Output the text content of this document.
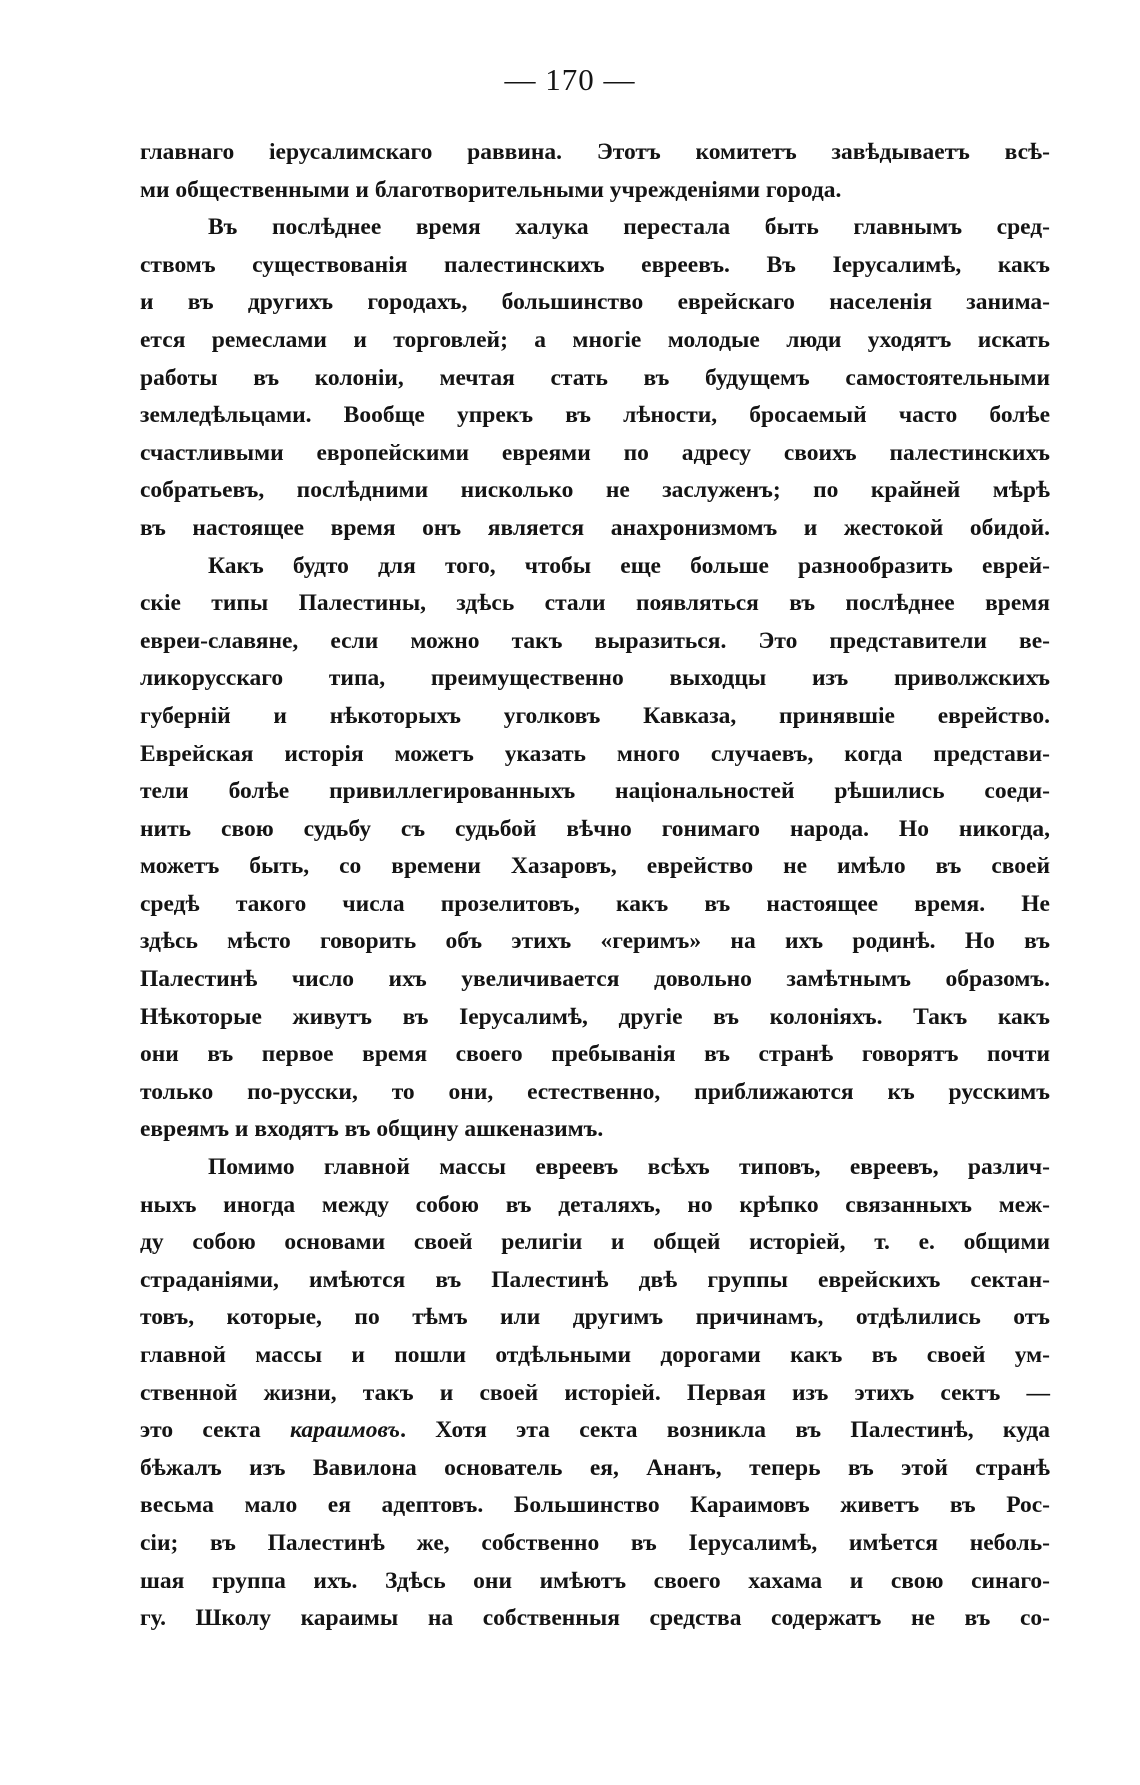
— 170 —
главнаго іерусалимскаго раввина. Этотъ комитетъ завѣдываетъ всѣ-
ми общественными и благотворительными учрежденіями города.
Въ послѣднее время халука перестала быть главнымъ сред-
ствомъ существованія палестинскихъ евреевъ. Въ Іерусалимѣ, какъ
и въ другихъ городахъ, большинство еврейскаго населенія занима-
ется ремеслами и торговлей; а многіе молодые люди уходятъ искать
работы въ колоніи, мечтая стать въ будущемъ самостоятельными
земледѣльцами. Вообще упрекъ въ лѣности, бросаемый часто болѣе
счастливыми европейскими евреями по адресу своихъ палестинскихъ
собратьевъ, послѣдними нисколько не заслуженъ; по крайней мѣрѣ
въ настоящее время онъ является анахронизмомъ и жестокой обидой.
Какъ будто для того, чтобы еще больше разнообразить еврей-
скіе типы Палестины, здѣсь стали появляться въ послѣднее время
евреи-славяне, если можно такъ выразиться. Это представители ве-
ликорусскаго типа, преимущественно выходцы изъ приволжскихъ
губерній и нѣкоторыхъ уголковъ Кавказа, принявшіе еврейство.
Еврейская исторія можетъ указать много случаевъ, когда представи-
тели болѣе привиллегированныхъ національностей рѣшились соеди-
нить свою судьбу съ судьбой вѣчно гонимаго народа. Но никогда,
можетъ быть, со времени Хазаровъ, еврейство не имѣло въ своей
средѣ такого числа прозелитовъ, какъ въ настоящее время. Не
здѣсь мѣсто говорить объ этихъ «геримъ» на ихъ родинѣ. Но въ
Палестинѣ число ихъ увеличивается довольно замѣтнымъ образомъ.
Нѣкоторые живутъ въ Іерусалимѣ, другіе въ колоніяхъ. Такъ какъ
они въ первое время своего пребыванія въ странѣ говорятъ почти
только по-русски, то они, естественно, приближаются къ русскимъ
евреямъ и входятъ въ общину ашкеназимъ.
Помимо главной массы евреевъ всѣхъ типовъ, евреевъ, различ-
ныхъ иногда между собою въ деталяхъ, но крѣпко связанныхъ меж-
ду собою основами своей религіи и общей исторіей, т. е. общими
страданіями, имѣются въ Палестинѣ двѣ группы еврейскихъ сектан-
товъ, которые, по тѣмъ или другимъ причинамъ, отдѣлились отъ
главной массы и пошли отдѣльными дорогами какъ въ своей ум-
ственной жизни, такъ и своей исторіей. Первая изъ этихъ сектъ —
это секта караимовъ. Хотя эта секта возникла въ Палестинѣ, куда
бѣжалъ изъ Вавилона основатель ея, Ананъ, теперь въ этой странѣ
весьма мало ея адептовъ. Большинство Караимовъ живетъ въ Рос-
сіи; въ Палестинѣ же, собственно въ Іерусалимѣ, имѣется неболь-
шая группа ихъ. Здѣсь они имѣютъ своего хахама и свою синаго-
гу. Школу караимы на собственныя средства содержатъ не въ со-
